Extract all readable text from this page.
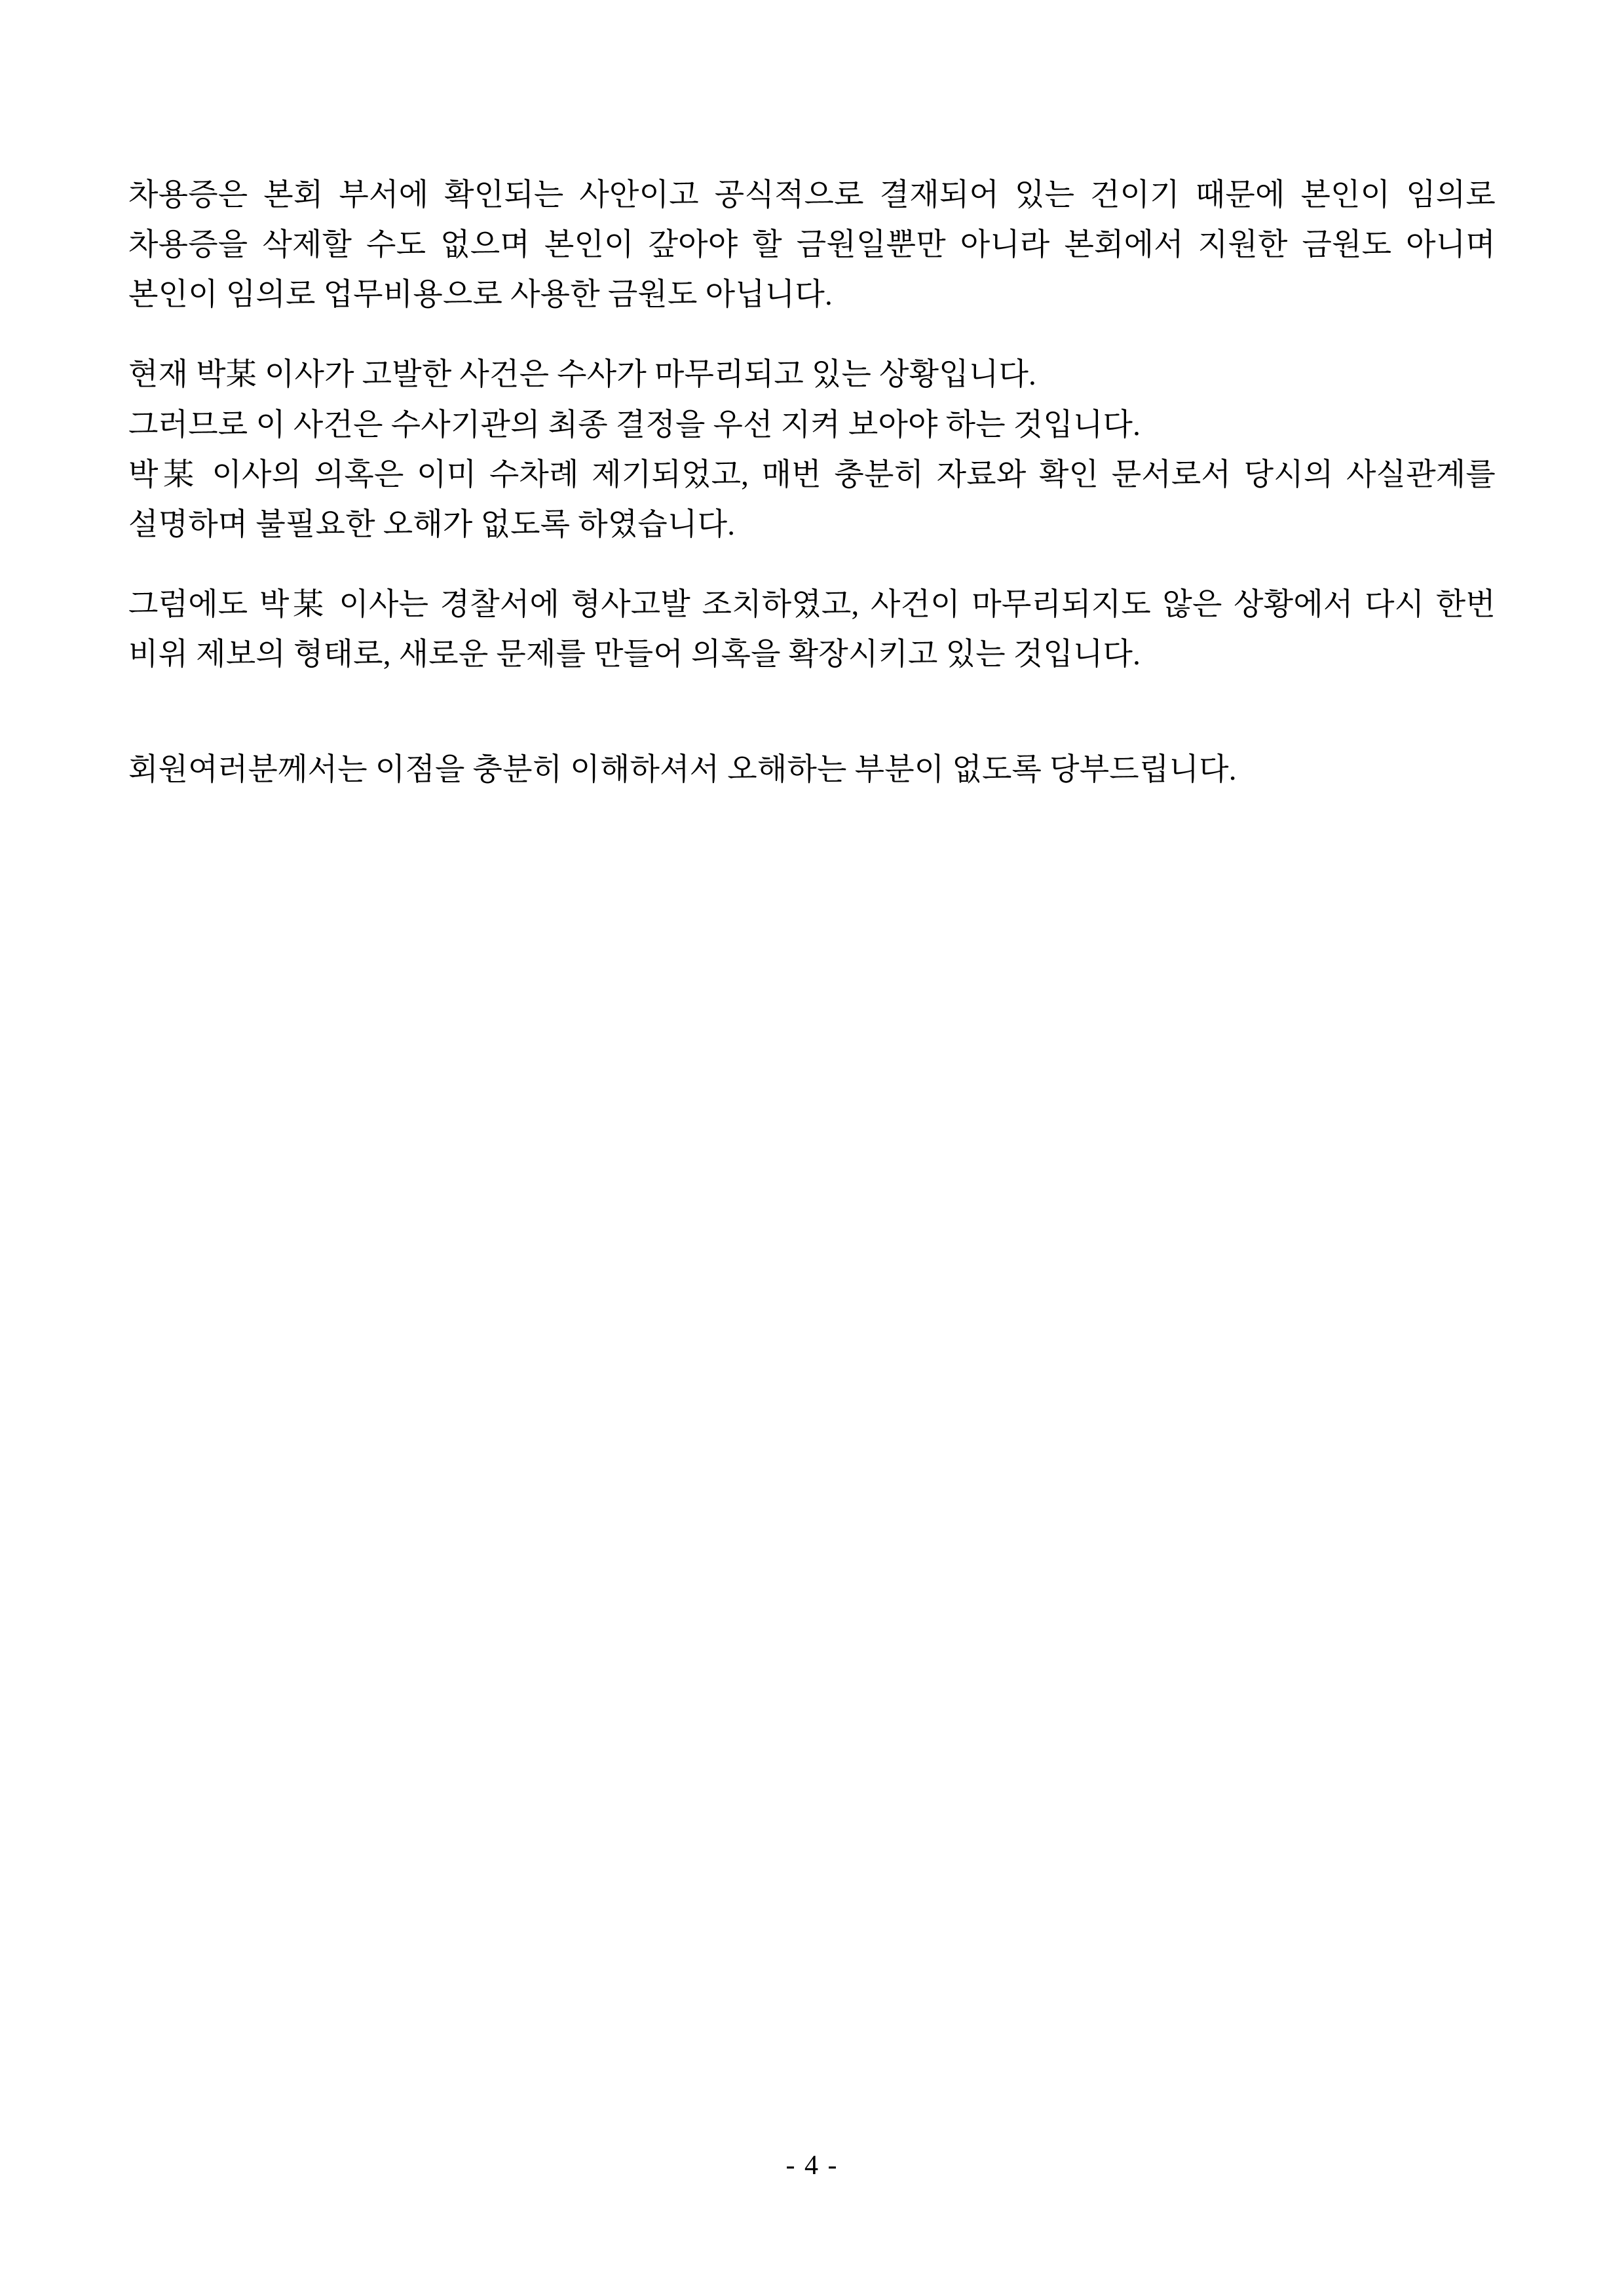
차용증은 본회 부서에 확인되는 사안이고 공식적으로 결재되어 있는 건이기 때문에 본인이 임의로 차용증을 삭제할 수도 없으며 본인이 갚아야 할 금원일뿐만 아니라 본회에서 지원한 금원도 아니며 본인이 임의로 업무비용으로 사용한 금원도 아닙니다.

현재 박某 이사가 고발한 사건은 수사가 마무리되고 있는 상황입니다.
그러므로 이 사건은 수사기관의 최종 결정을 우선 지켜 보아야 하는 것입니다.
박某 이사의 의혹은 이미 수차례 제기되었고, 매번 충분히 자료와 확인 문서로서 당시의 사실관계를 설명하며 불필요한 오해가 없도록 하였습니다.

그럼에도 박某 이사는 경찰서에 형사고발 조치하였고, 사건이 마무리되지도 않은 상황에서 다시 한번 비위 제보의 형태로, 새로운 문제를 만들어 의혹을 확장시키고 있는 것입니다.

회원여러분께서는 이점을 충분히 이해하셔서 오해하는 부분이 없도록 당부드립니다.

- 4 -
